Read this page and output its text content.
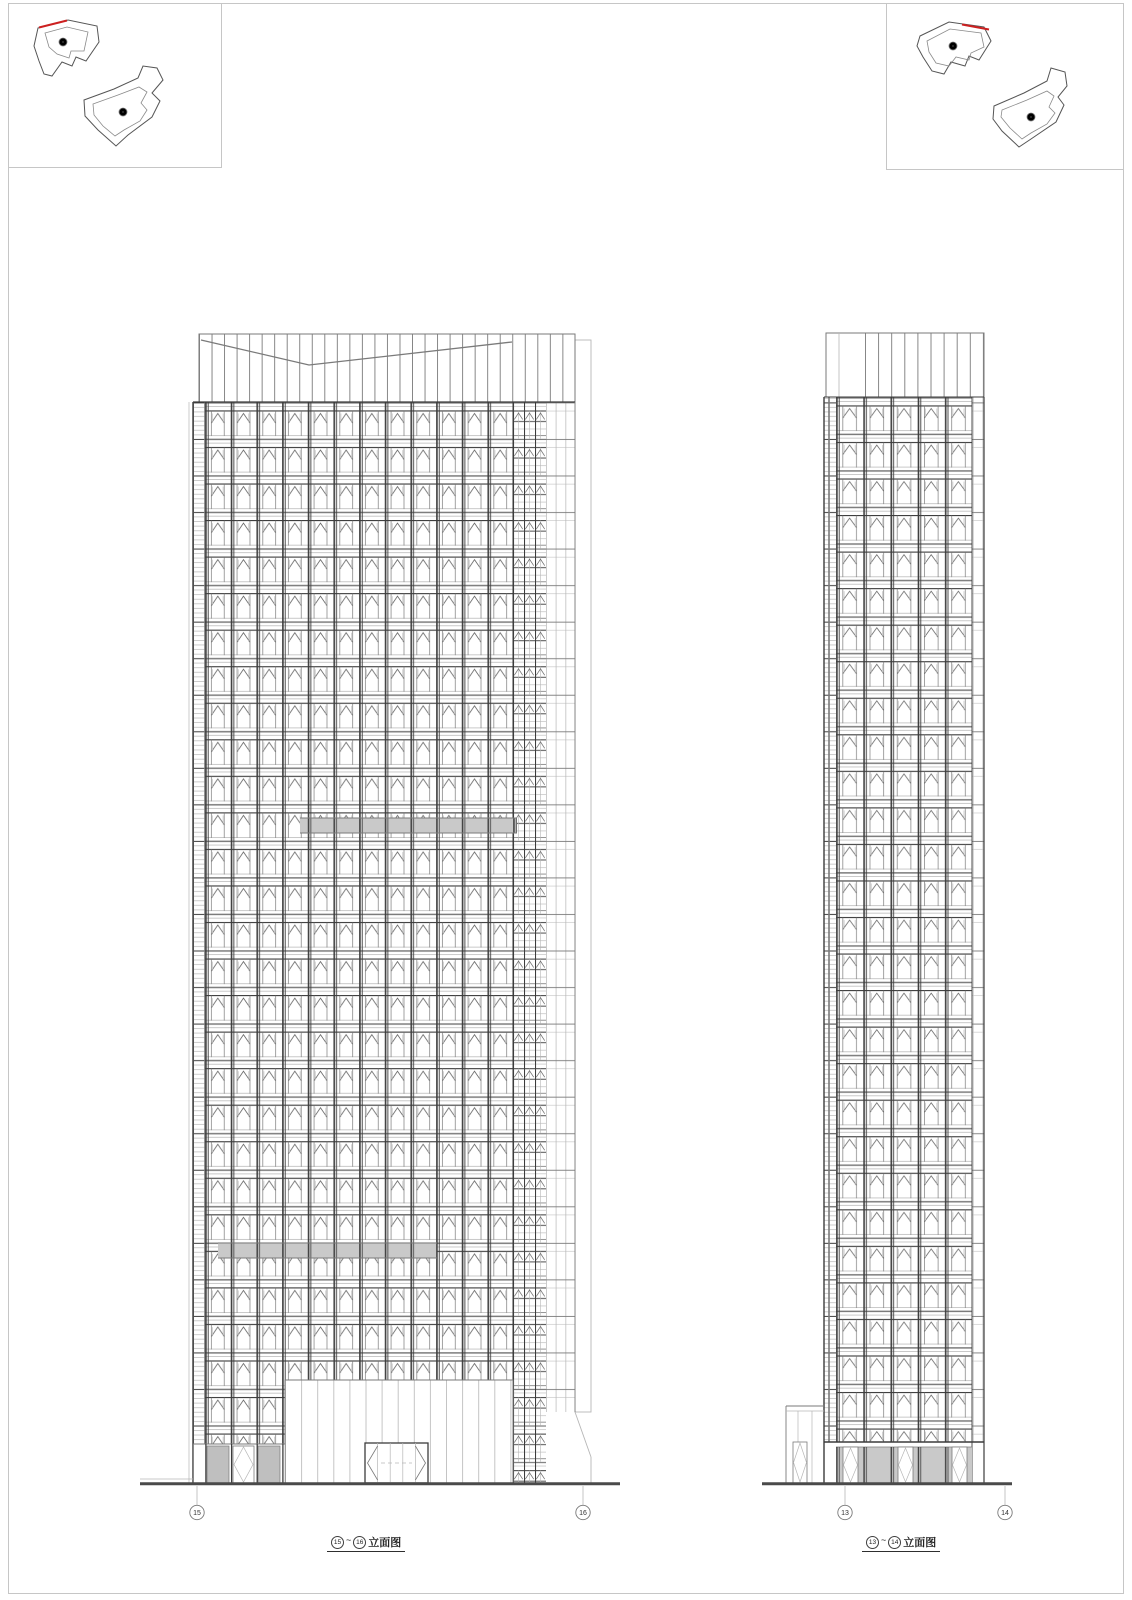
15	16	13	14
15 ~ 16 立面图	13 ~ 14 立面图
